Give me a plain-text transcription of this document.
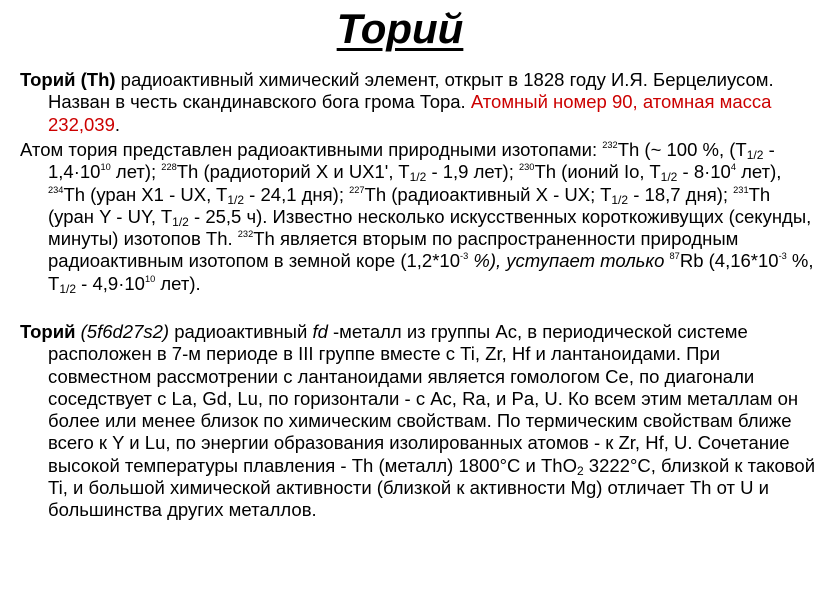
Торий
Торий (Th) радиоактивный химический элемент, открыт в 1828 году И.Я. Берцелиусом. Назван в честь скандинавского бога грома Тора. Атомный номер 90, атомная масса 232,039.
Атом тория представлен радиоактивными природными изотопами: $^{232}$Th (~ 100 %, ($T_{1/2} - 1,4\cdot 10^{10}$ лет); $^{228}$Th (радиоторий X и UX1', $T_{1/2} - 1,9$ лет); $^{230}$Th (ионий Io, $T_{1/2} - 8\cdot 10^4$ лет), $^{234}$Th (уран X1 - UX, $T_{1/2} - 24,1$ дня); $^{227}$Th (радиоактивный X - UX; $T_{1/2} - 18,7$ дня); $^{231}$Th (уран Y - UY, $T_{1/2} - 25,5$ ч). Известно несколько искусственных короткоживущих (секунды, минуты) изотопов Th. $^{232}$Th является вторым по распространенности природным радиоактивным изотопом в земной коре ($1,2*10^{-3}$ %), уступает только $^{87}$Rb ($4,16*10^{-3}$ %, $T_{1/2} - 4,9\cdot 10^{10}$ лет).
Торий (5f6d27s2) радиоактивный fd -металл из группы Ac, в периодической системе расположен в 7-м периоде в III группе вместе с Ti, Zr, Hf и лантаноидами. При совместном рассмотрении с лантаноидами является гомологом Ce, по диагонали соседствует с La, Gd, Lu, по горизонтали - с Ac, Ra, и Pa, U. Ко всем этим металлам он более или менее близок по химическим свойствам. По термическим свойствам ближе всего к Y и Lu, по энергии образования изолированных атомов - к Zr, Hf, U. Сочетание высокой температуры плавления - Th (металл) 1800°C и ThO$_2$ 3222°C, близкой к таковой Ti, и большой химической активности (близкой к активности Mg) отличает Th от U и большинства других металлов.
